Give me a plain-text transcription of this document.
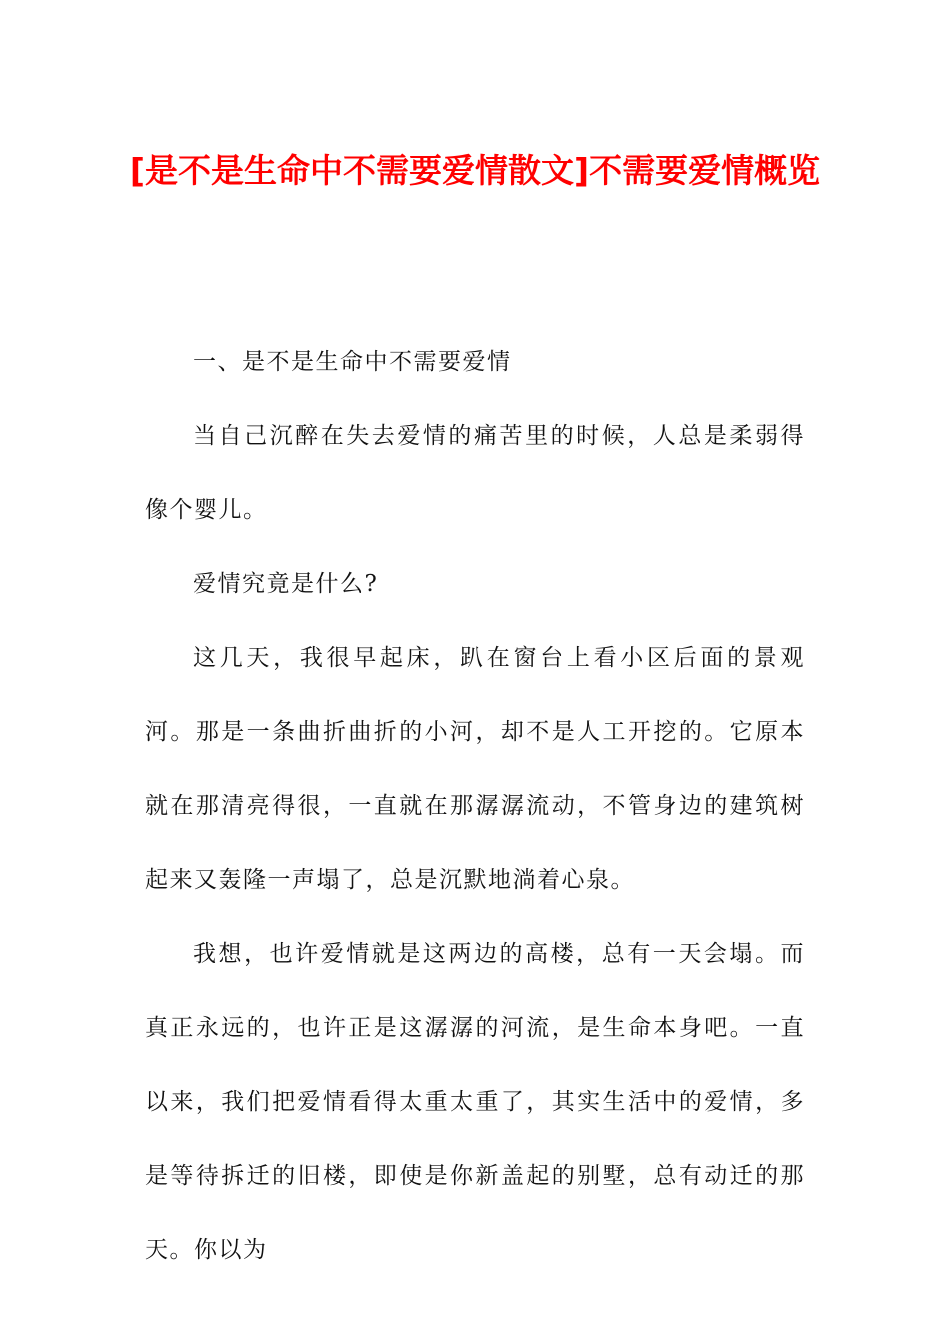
[是不是生命中不需要爱情散文]不需要爱情概览

一、是不是生命中不需要爱情

当自己沉醉在失去爱情的痛苦里的时候，人总是柔弱得像个婴儿。

爱情究竟是什么?

这几天，我很早起床，趴在窗台上看小区后面的景观河。那是一条曲折曲折的小河，却不是人工开挖的。它原本就在那清亮得很，一直就在那潺潺流动，不管身边的建筑树起来又轰隆一声塌了，总是沉默地淌着心泉。

我想，也许爱情就是这两边的高楼，总有一天会塌。而真正永远的，也许正是这潺潺的河流，是生命本身吧。一直以来，我们把爱情看得太重太重了，其实生活中的爱情，多是等待拆迁的旧楼，即使是你新盖起的别墅，总有动迁的那天。你以为
